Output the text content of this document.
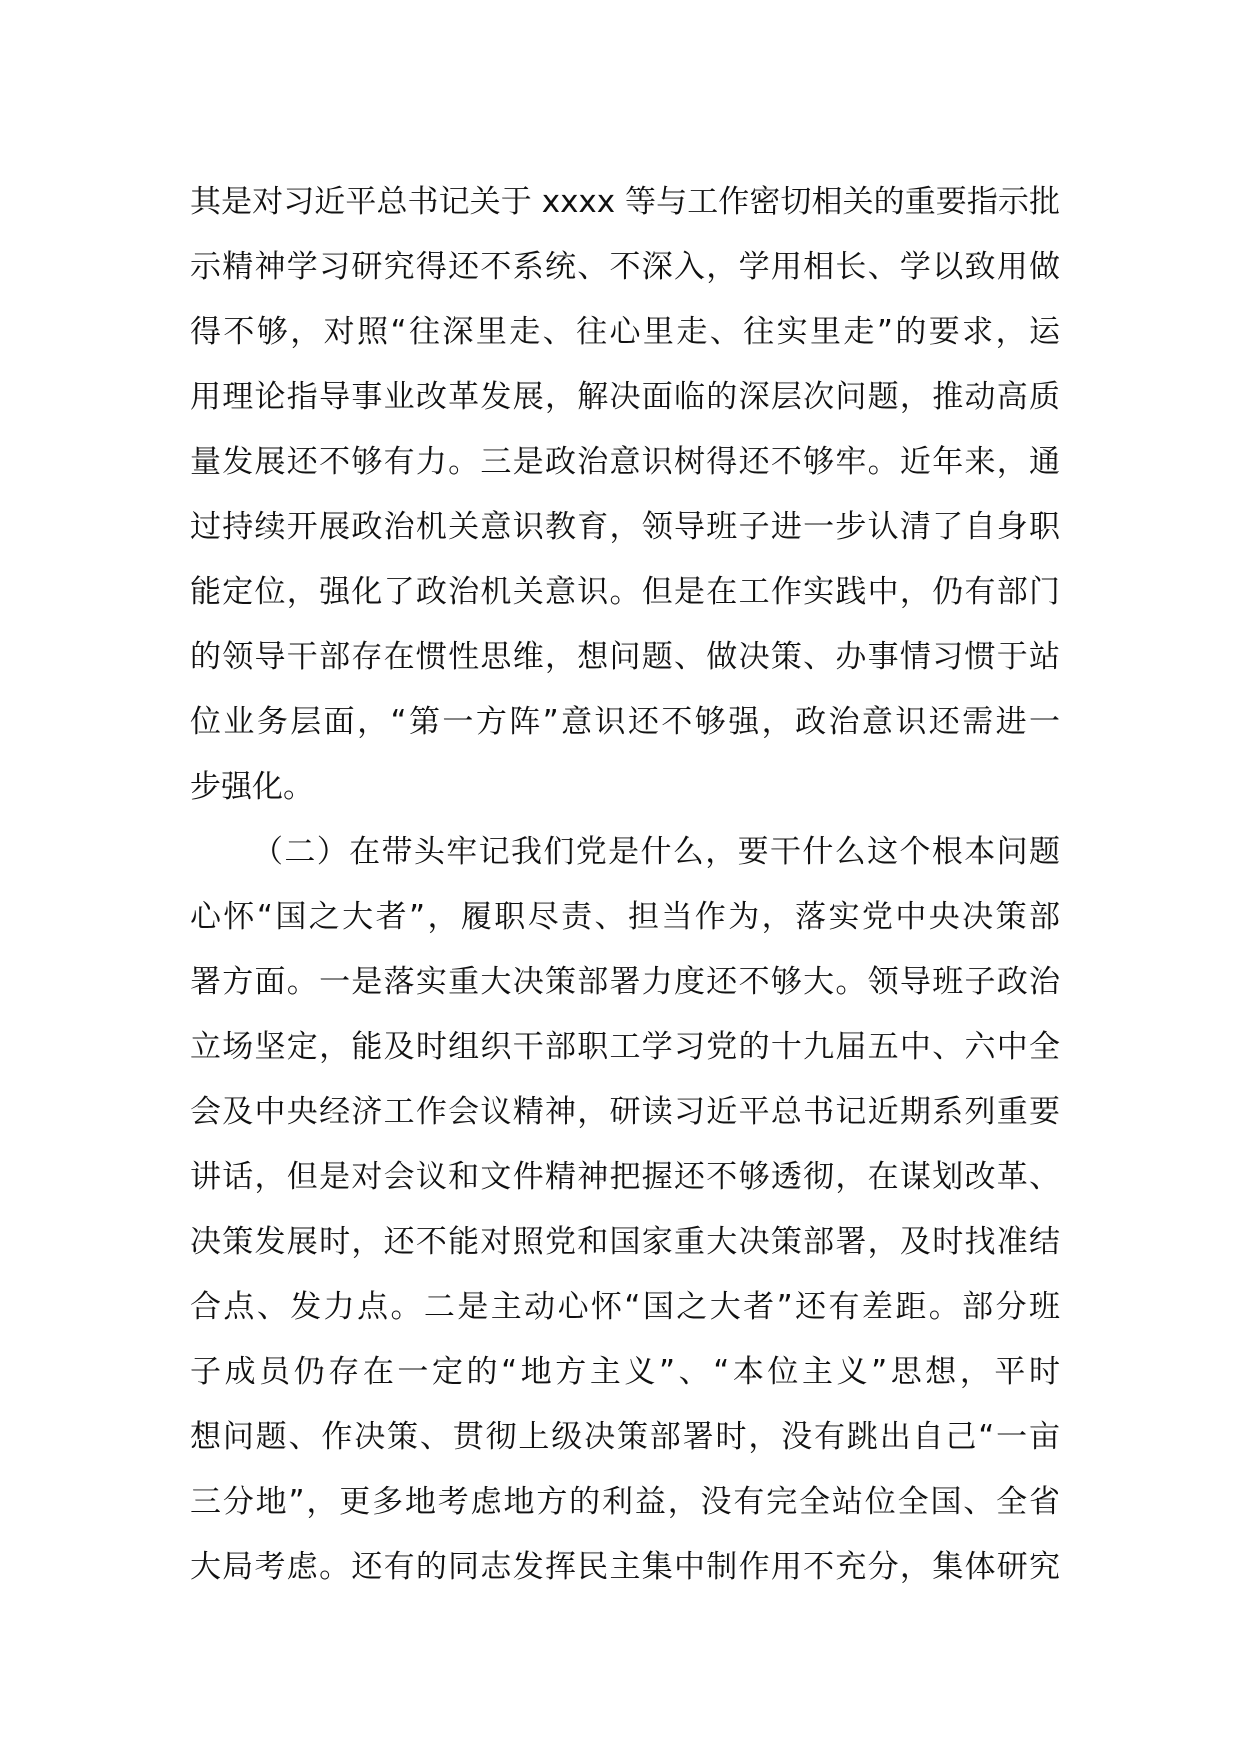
其是对习近平总书记关于 xxxx 等与工作密切相关的重要指示批
示精神学习研究得还不系统、不深入，学用相长、学以致用做
得不够，对照“往深里走、往心里走、往实里走”的要求，运
用理论指导事业改革发展，解决面临的深层次问题，推动高质
量发展还不够有力。三是政治意识树得还不够牢。近年来，通
过持续开展政治机关意识教育，领导班子进一步认清了自身职
能定位，强化了政治机关意识。但是在工作实践中，仍有部门
的领导干部存在惯性思维，想问题、做决策、办事情习惯于站
位业务层面，“第一方阵”意识还不够强，政治意识还需进一
步强化。
（二）在带头牢记我们党是什么，要干什么这个根本问题
心怀“国之大者”，履职尽责、担当作为，落实党中央决策部
署方面。一是落实重大决策部署力度还不够大。领导班子政治
立场坚定，能及时组织干部职工学习党的十九届五中、六中全
会及中央经济工作会议精神，研读习近平总书记近期系列重要
讲话，但是对会议和文件精神把握还不够透彻，在谋划改革、
决策发展时，还不能对照党和国家重大决策部署，及时找准结
合点、发力点。二是主动心怀“国之大者”还有差距。部分班
子成员仍存在一定的“地方主义”、“本位主义”思想，平时
想问题、作决策、贯彻上级决策部署时，没有跳出自己“一亩
三分地”，更多地考虑地方的利益，没有完全站位全国、全省
大局考虑。还有的同志发挥民主集中制作用不充分，集体研究
